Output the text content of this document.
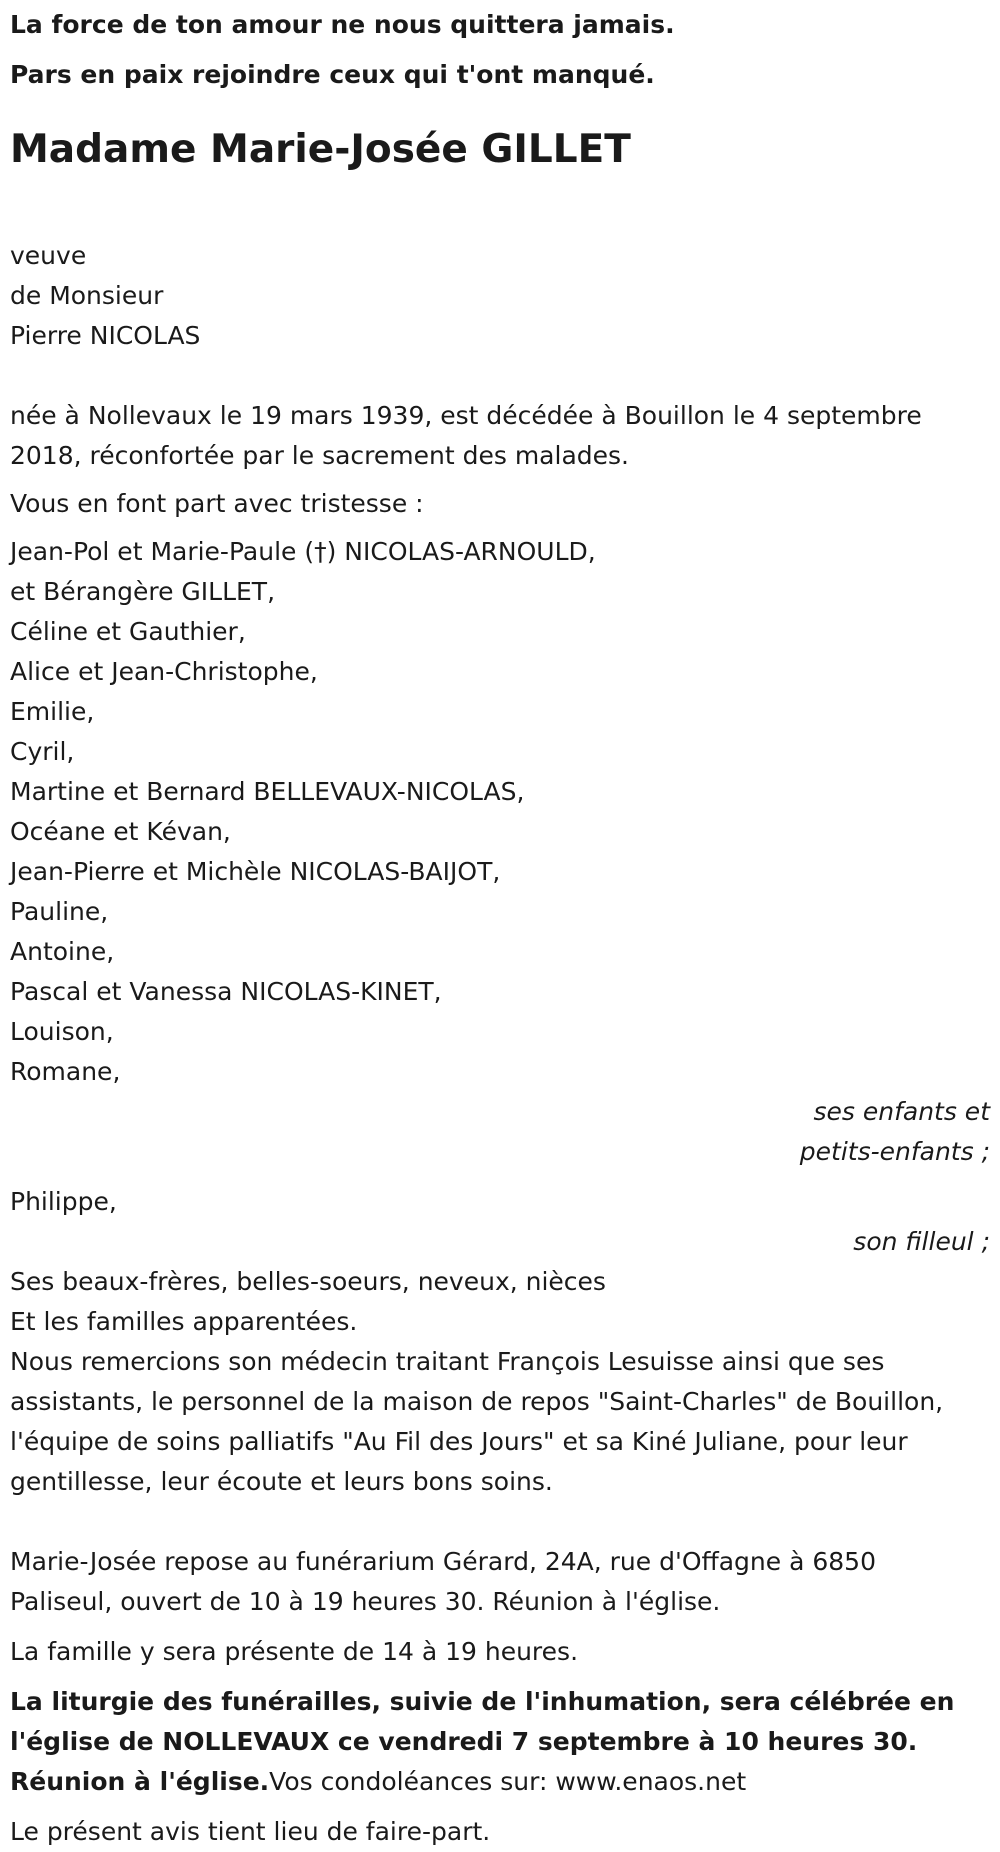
La force de ton amour ne nous quittera jamais.

Pars en paix rejoindre ceux qui t'ont manqué.

Madame Marie-Josée GILLET
veuve
de Monsieur
Pierre NICOLAS
née à Nollevaux le 19 mars 1939, est décédée à Bouillon le 4 septembre
2018, réconfortée par le sacrement des malades.
Vous en font part avec tristesse :
Jean-Pol et Marie-Paule (†) NICOLAS-ARNOULD,
et Bérangère GILLET,
Céline et Gauthier,
Alice et Jean-Christophe,
Emilie,
Cyril,
Martine et Bernard BELLEVAUX-NICOLAS,
Océane et Kévan,
Jean-Pierre et Michèle NICOLAS-BAIJOT,
Pauline,
Antoine,
Pascal et Vanessa NICOLAS-KINET,
Louison,
Romane,
ses enfants et
petits-enfants ;
Philippe,
son filleul ;
Ses beaux-frères, belles-soeurs, neveux, nièces
Et les familles apparentées.
Nous remercions son médecin traitant François Lesuisse ainsi que ses
assistants, le personnel de la maison de repos "Saint-Charles" de Bouillon,
l'équipe de soins palliatifs "Au Fil des Jours" et sa Kiné Juliane, pour leur
gentillesse, leur écoute et leurs bons soins.
Marie-Josée repose au funérarium Gérard, 24A, rue d'Offagne à 6850
Paliseul, ouvert de 10 à 19 heures 30. Réunion à l'église.
La famille y sera présente de 14 à 19 heures.
La liturgie des funérailles, suivie de l'inhumation, sera célébrée en
l'église de NOLLEVAUX ce vendredi 7 septembre à 10 heures 30.
Réunion à l'église.Vos condoléances sur: www.enaos.net
Le présent avis tient lieu de faire-part.
